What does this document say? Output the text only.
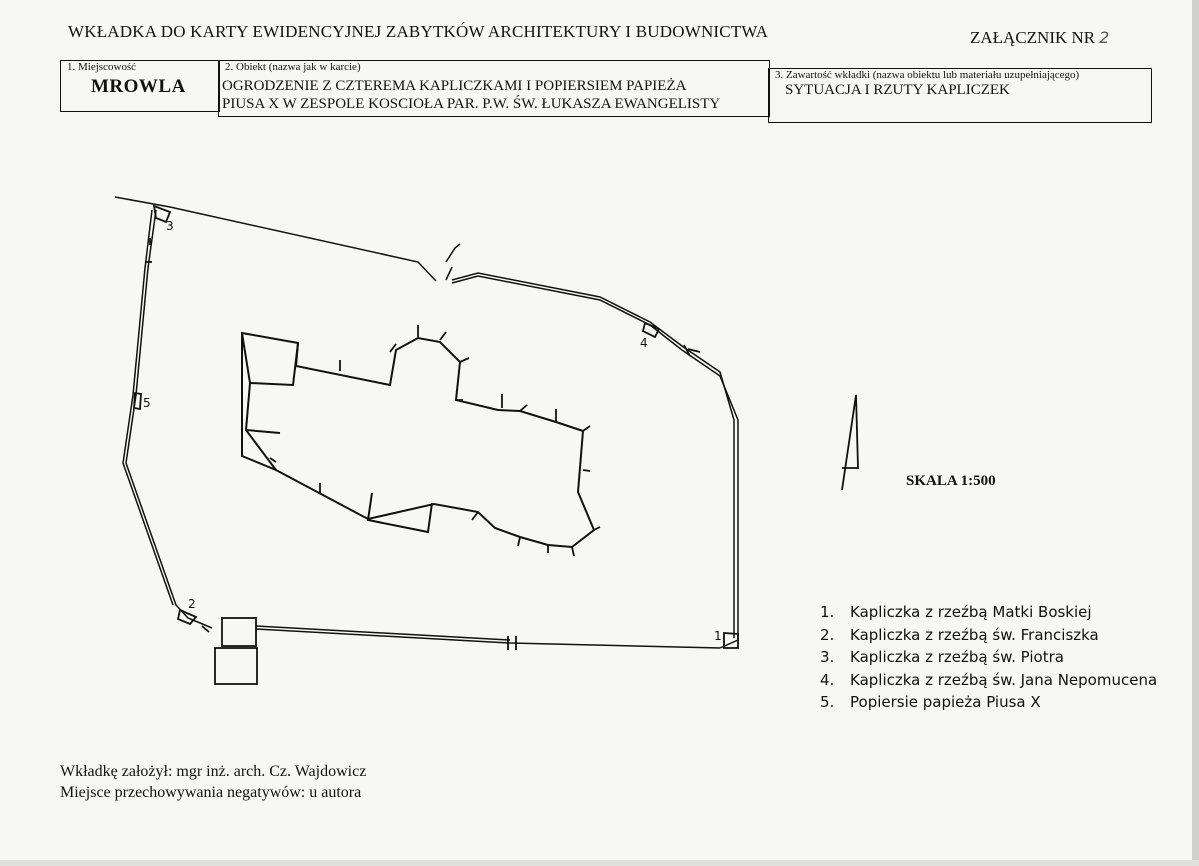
WKŁADKA DO KARTY EWIDENCYJNEJ ZABYTKÓW ARCHITEKTURY I BUDOWNICTWA	ZAŁĄCZNIK NR 2
1. Miejscowość
MROWLA
2. Obiekt (nazwa jak w karcie)
OGRODZENIE Z CZTEREMA KAPLICZKAMI I POPIERSIEM PAPIEŻA
PIUSA X W ZESPOLE KOSCIOŁA PAR. P.W. ŚW. ŁUKASZA EWANGELISTY
3. Zawartość wkładki (nazwa obiektu lub materiału uzupełniającego)
SYTUACJA I RZUTY KAPLICZEK
1
2
3
4
5
SKALA 1:500
1. Kapliczka z rzeźbą Matki Boskiej
2. Kapliczka z rzeźbą św. Franciszka
3. Kapliczka z rzeźbą św. Piotra
4. Kapliczka z rzeźbą św. Jana Nepomucena
5. Popiersie papieża Piusa X
Wkładkę założył: mgr inż. arch. Cz. Wajdowicz
Miejsce przechowywania negatywów: u autora
